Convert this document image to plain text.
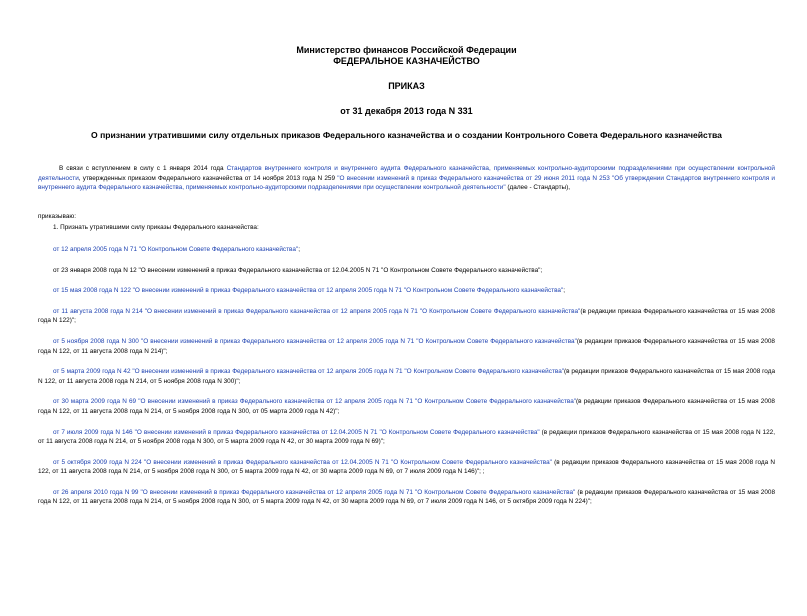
Министерство финансов Российской Федерации
ФЕДЕРАЛЬНОЕ КАЗНАЧЕЙСТВО
ПРИКАЗ
от 31 декабря 2013 года N 331
О признании утратившими силу отдельных приказов Федерального казначейства и о создании Контрольного Совета Федерального казначейства
В связи с вступлением в силу с 1 января 2014 года Стандартов внутреннего контроля и внутреннего аудита Федерального казначейства, применяемых контрольно-аудиторскими подразделениями при осуществлении контрольной деятельности, утвержденных приказом Федерального казначейства от 14 ноября 2013 года N 259 "О внесении изменений в приказ Федерального казначейства от 29 июня 2011 года N 253 "Об утверждении Стандартов внутреннего контроля и внутреннего аудита Федерального казначейства, применяемых контрольно-аудиторскими подразделениями при осуществлении контрольной деятельности" (далее - Стандарты),
приказываю:
1. Признать утратившими силу приказы Федерального казначейства:
от 12 апреля 2005 года N 71 "О Контрольном Совете Федерального казначейства";
от 23 января 2008 года N 12 "О внесении изменений в приказ Федерального казначейства от 12.04.2005 N 71 "О Контрольном Совете Федерального казначейства";
от 15 мая 2008 года N 122 "О внесении изменений в приказ Федерального казначейства от 12 апреля 2005 года N 71 "О Контрольном Совете Федерального казначейства";
от 11 августа 2008 года N 214 "О внесении изменений в приказ Федерального казначейства от 12 апреля 2005 года N 71 "О Контрольном Совете Федерального казначейства"(в редакции приказа Федерального казначейства от 15 мая 2008 года N 122)";
от 5 ноября 2008 года N 300 "О внесении изменений в приказ Федерального казначейства от 12 апреля 2005 года N 71 "О Контрольном Совете Федерального казначейства"(в редакции приказов Федерального казначейства от 15 мая 2008 года N 122, от 11 августа 2008 года N 214)";
от 5 марта 2009 года N 42 "О внесении изменений в приказ Федерального казначейства от 12 апреля 2005 года N 71 "О Контрольном Совете Федерального казначейства"(в редакции приказов Федерального казначейства от 15 мая 2008 года N 122, от 11 августа 2008 года N 214, от 5 ноября 2008 года N 300)";
от 30 марта 2009 года N 69 "О внесении изменений в приказ Федерального казначейства от 12 апреля 2005 года N 71 "О Контрольном Совете Федерального казначейства"(в редакции приказов Федерального казначейства от 15 мая 2008 года N 122, от 11 августа 2008 года N 214, от 5 ноября 2008 года N 300, от 05 марта 2009 года N 42)";
от 7 июля 2009 года N 146 "О внесении изменений в приказ Федерального казначейства от 12.04.2005 N 71 "О Контрольном Совете Федерального казначейства" (в редакции приказов Федерального казначейства от 15 мая 2008 года N 122, от 11 августа 2008 года N 214, от 5 ноября 2008 года N 300, от 5 марта 2009 года N 42, от 30 марта 2009 года N 69)";
от 5 октября 2009 года N 224 "О внесении изменений в приказ Федерального казначейства от 12.04.2005 N 71 "О Контрольном Совете Федерального казначейства" (в редакции приказов Федерального казначейства от 15 мая 2008 года N 122, от 11 августа 2008 года N 214, от 5 ноября 2008 года N 300, от 5 марта 2009 года N 42, от 30 марта 2009 года N 69, от 7 июля 2009 года N 146)"; ;
от 26 апреля 2010 года N 99 "О внесении изменений в приказ Федерального казначейства от 12 апреля 2005 года N 71 "О Контрольном Совете Федерального казначейства" (в редакции приказов Федерального казначейства от 15 мая 2008 года N 122, от 11 августа 2008 года N 214, от 5 ноября 2008 года N 300, от 5 марта 2009 года N 42, от 30 марта 2009 года N 69, от 7 июля 2009 года N 146, от 5 октября 2009 года N 224)";
